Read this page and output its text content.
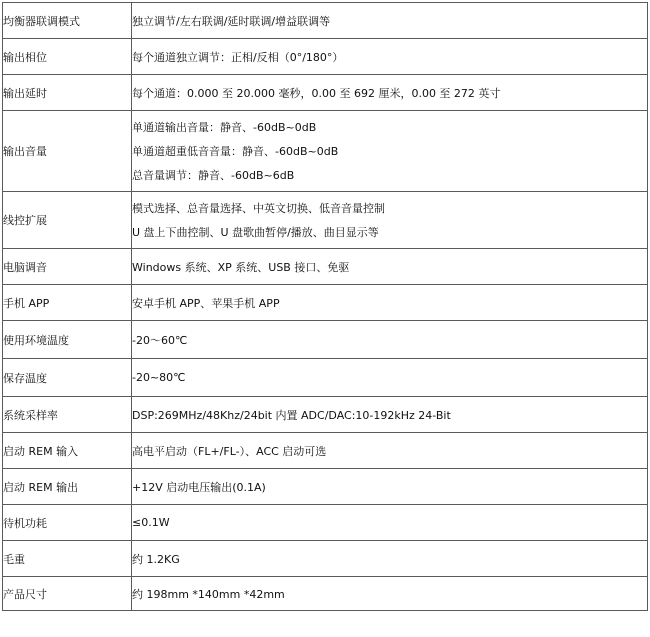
均衡器联调模式	独立调节/左右联调/延时联调/增益联调等

输出相位	每个通道独立调节：正相/反相（0°/180°）

输出延时	每个通道：0.000 至 20.000 毫秒，0.00 至 692 厘米，0.00 至 272 英寸

输出音量	单通道输出音量：静音、-60dB~0dB
单通道超重低音音量：静音、-60dB~0dB
总音量调节：静音、-60dB~6dB

线控扩展	模式选择、总音量选择、中英文切换、低音音量控制
U 盘上下曲控制、U 盘歌曲暂停/播放、曲目显示等

电脑调音	Windows 系统、XP 系统、USB 接口、免驱

手机 APP	安卓手机 APP、苹果手机 APP

使用环境温度	-20～60℃

保存温度	-20~80℃

系统采样率	DSP:269MHz/48Khz/24bit 内置 ADC/DAC:10-192kHz 24-Bit

启动 REM 输入	高电平启动（FL+/FL-）、ACC 启动可选

启动 REM 输出	+12V 启动电压输出(0.1A)

待机功耗	≤0.1W

毛重	约 1.2KG

产品尺寸	约 198mm *140mm *42mm
